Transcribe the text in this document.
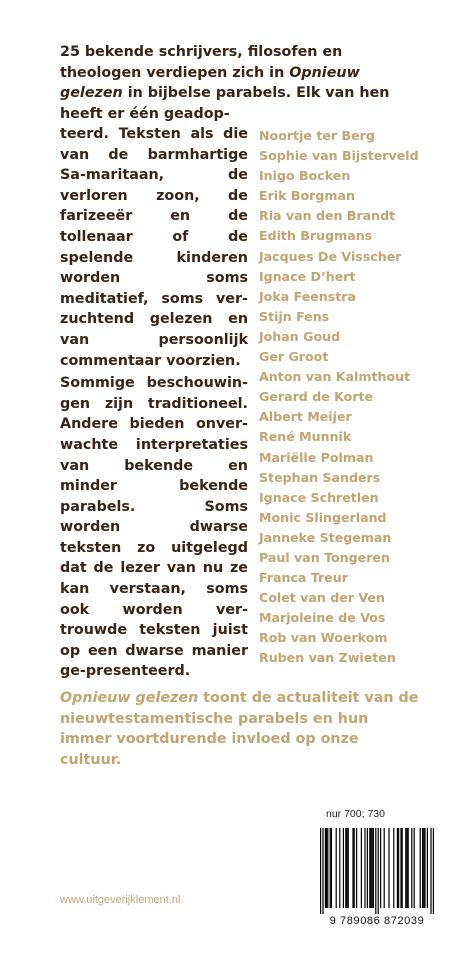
25 bekende schrijvers, filosofen en theologen verdiepen zich in Opnieuw gelezen in bijbelse parabels. Elk van hen heeft er één geadop-

teerd. Teksten als die van de barmhartige Sa-maritaan, de verloren zoon, de farizeeër en de tollenaar of de spelende kinderen worden soms meditatief, soms ver-zuchtend gelezen en van persoonlijk commentaar voorzien.

Sommige beschouwin-gen zijn traditioneel. Andere bieden onver-wachte interpretaties van bekende en minder bekende parabels. Soms worden dwarse teksten zo uitgelegd dat de lezer van nu ze kan verstaan, soms ook worden ver-trouwde teksten juist op een dwarse manier ge-presenteerd.

Noortje ter Berg
Sophie van Bijsterveld
Inigo Bocken
Erik Borgman
Ria van den Brandt
Edith Brugmans
Jacques De Visscher
Ignace D’hert
Joka Feenstra
Stijn Fens
Johan Goud
Ger Groot
Anton van Kalmthout
Gerard de Korte
Albert Meijer
René Munnik
Mariëlle Polman
Stephan Sanders
Ignace Schretlen
Monic Slingerland
Janneke Stegeman
Paul van Tongeren
Franca Treur
Colet van der Ven
Marjoleine de Vos
Rob van Woerkom
Ruben van Zwieten
Opnieuw gelezen toont de actualiteit van de nieuwtestamentische parabels en hun immer voortdurende invloed op onze cultuur.
nur 700; 730
9 789086 872039
www.uitgeverijklement.nl
